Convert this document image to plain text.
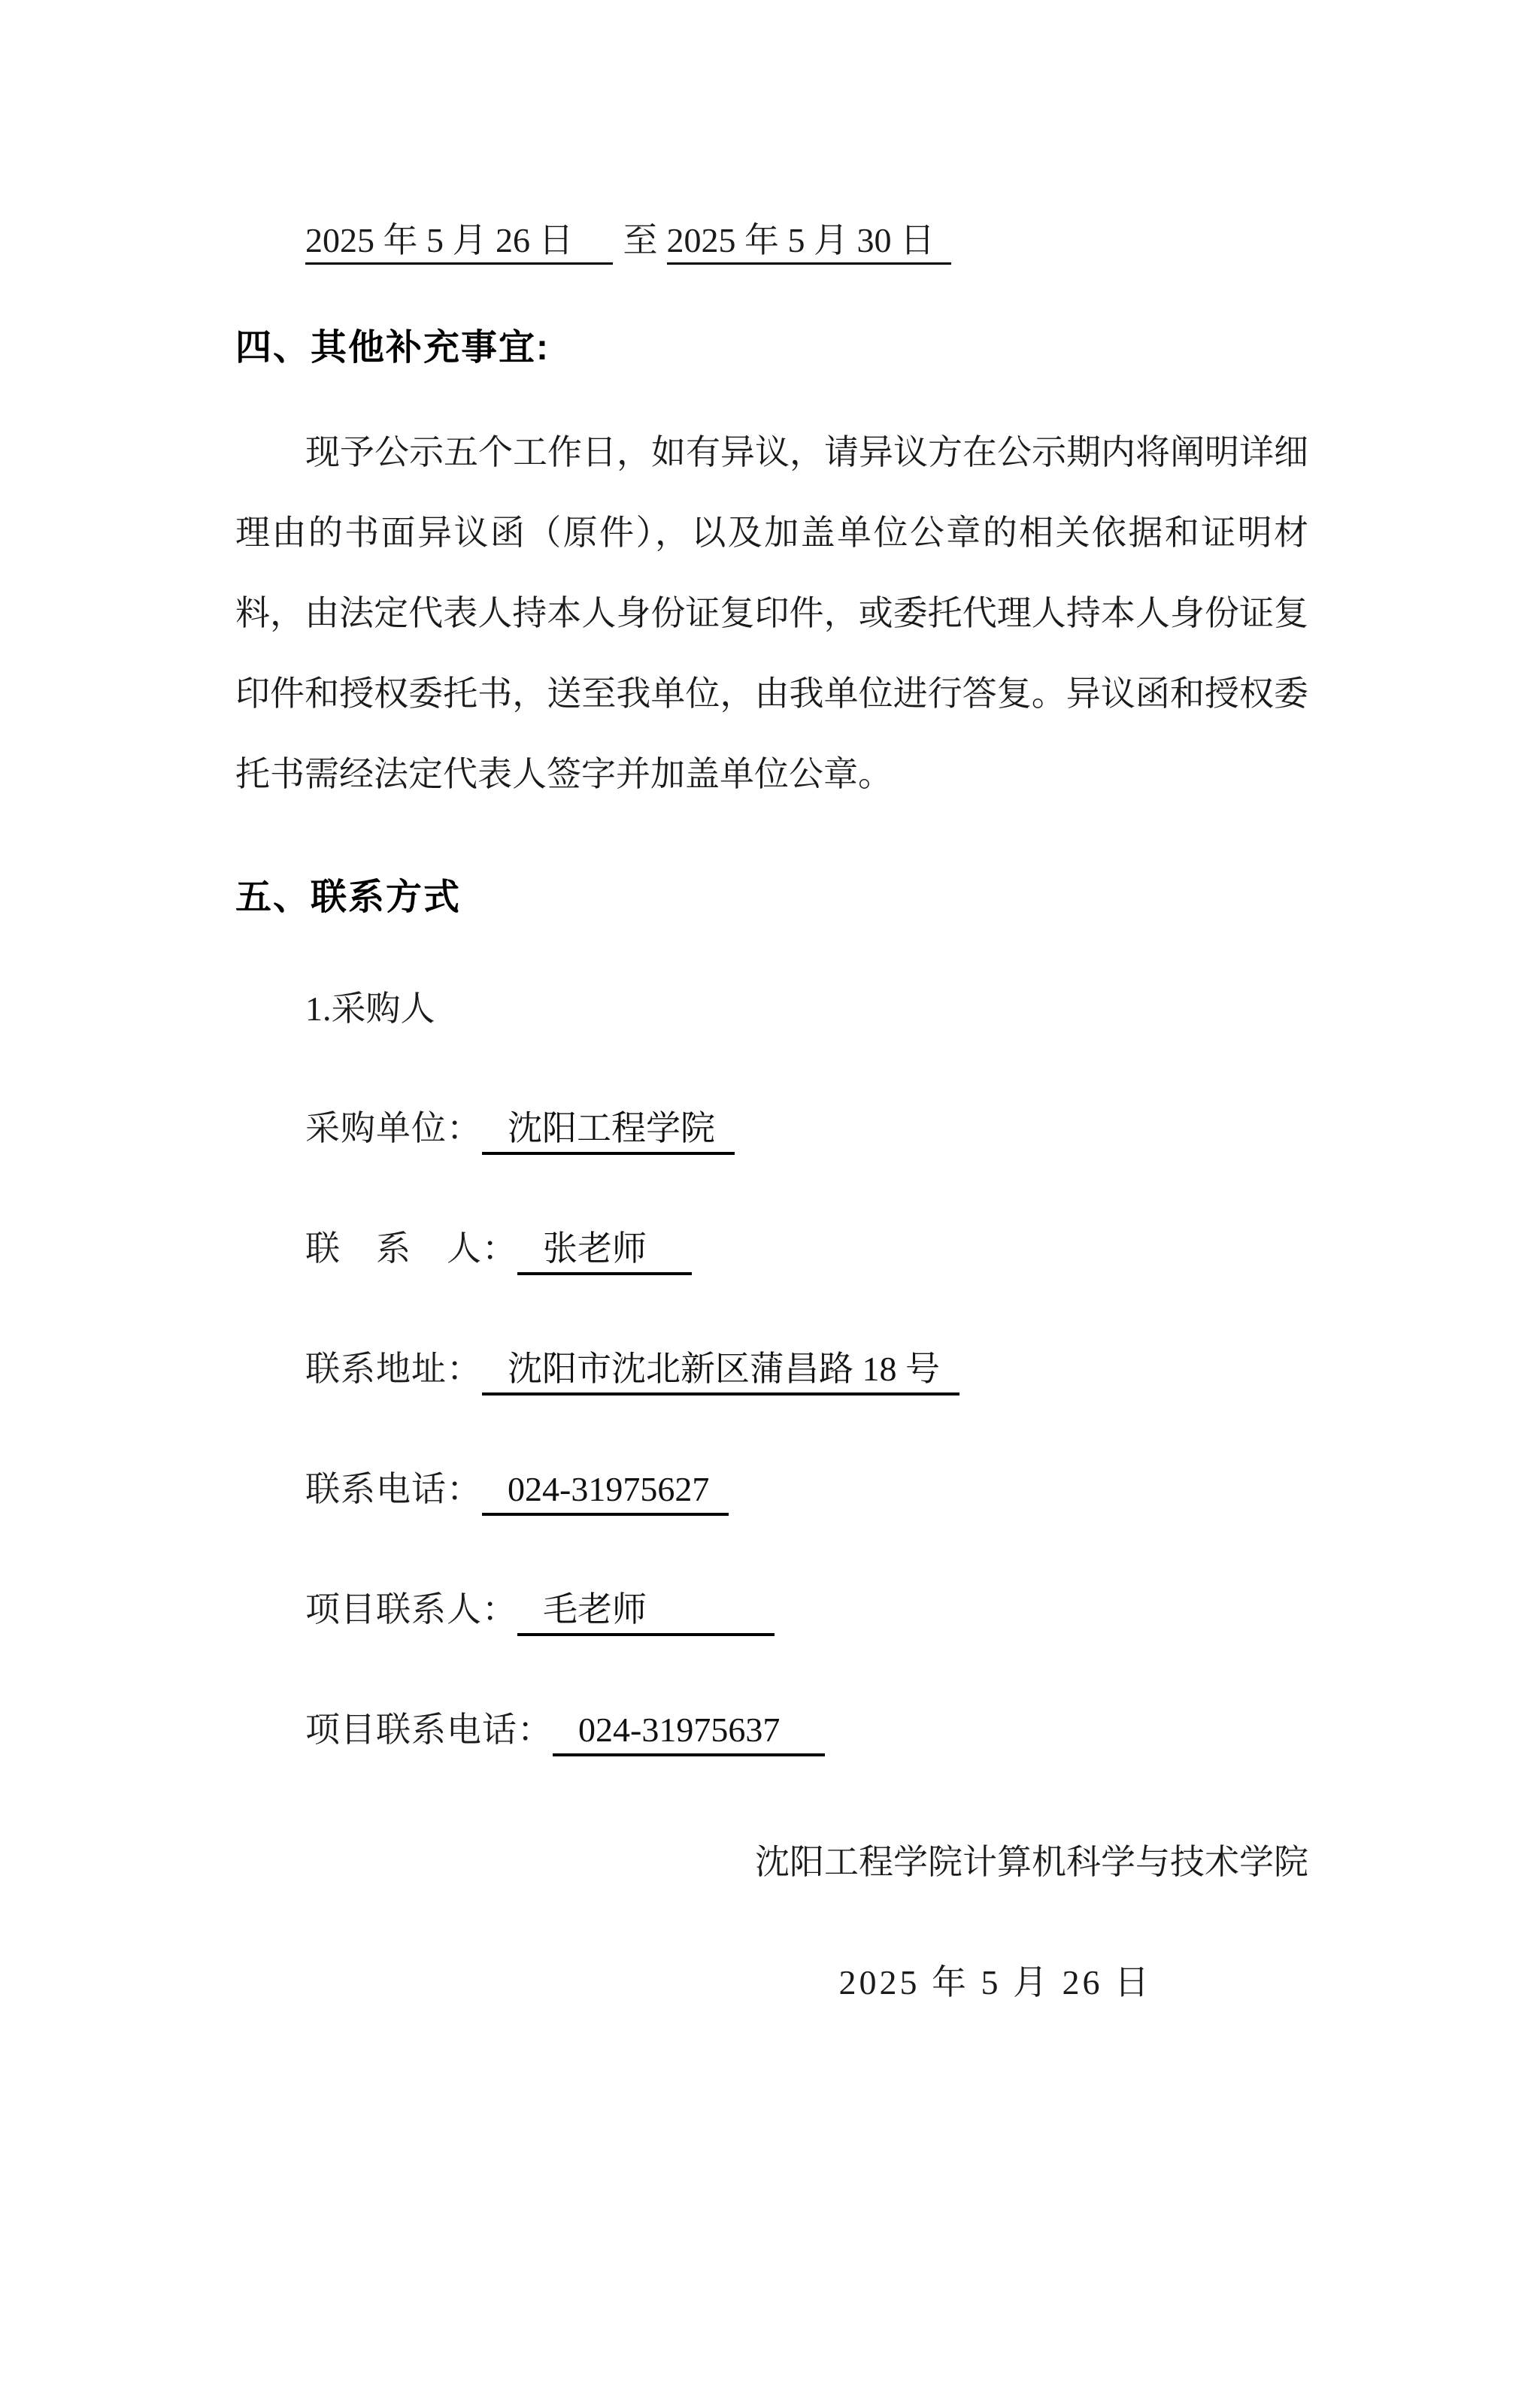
2025 年 5 月 26 日 至 2025 年 5 月 30 日
四、其他补充事宜:
现予公示五个工作日，如有异议，请异议方在公示期内将阐明详细理由的书面异议函（原件），以及加盖单位公章的相关依据和证明材料，由法定代表人持本人身份证复印件，或委托代理人持本人身份证复印件和授权委托书，送至我单位，由我单位进行答复。异议函和授权委托书需经法定代表人签字并加盖单位公章。
五、联系方式
1.采购人
采购单位： 沈阳工程学院
联　系　人： 张老师
联系地址： 沈阳市沈北新区蒲昌路 18 号
联系电话： 024-31975627
项目联系人： 毛老师
项目联系电话： 024-31975637
沈阳工程学院计算机科学与技术学院
2025 年 5 月 26 日
